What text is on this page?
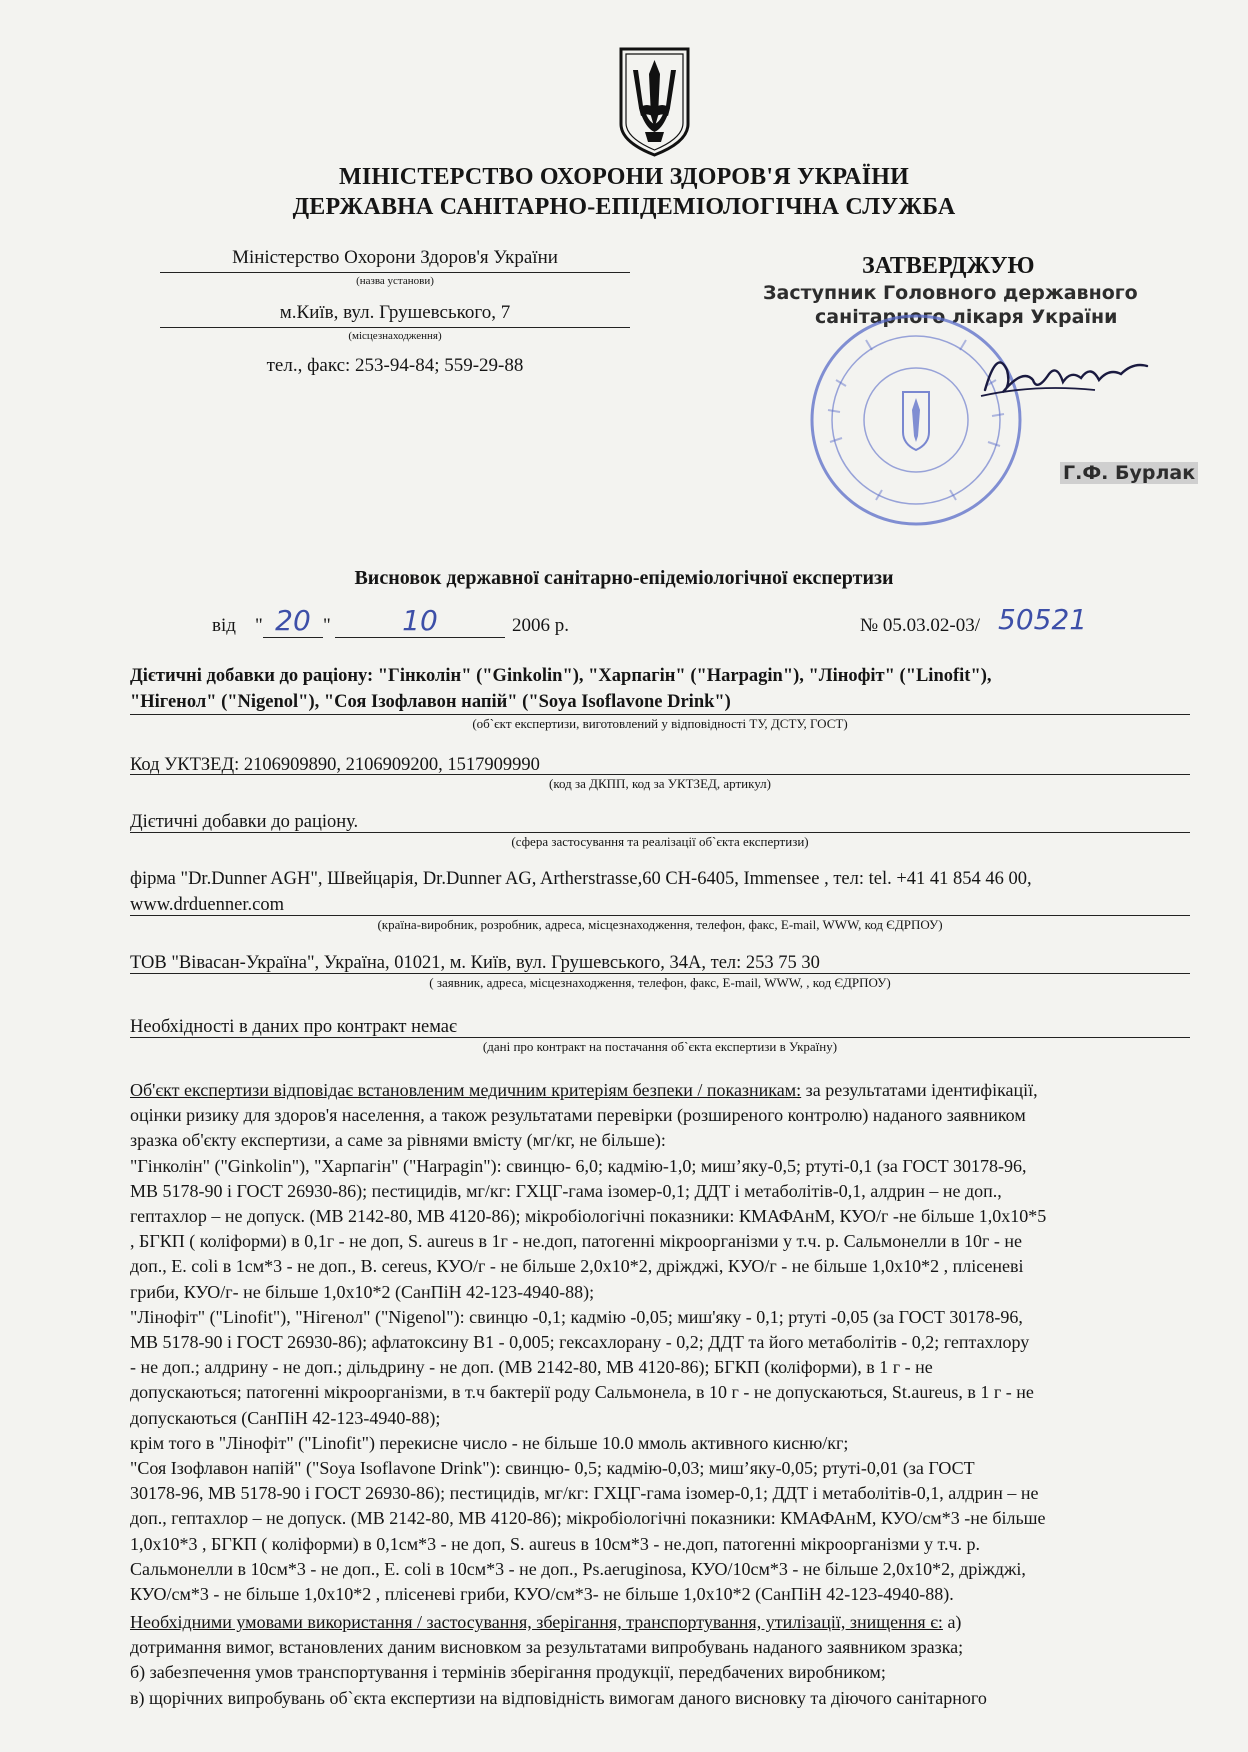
МІНІСТЕРСТВО ОХОРОНИ ЗДОРОВ'Я УКРАЇНИ
ДЕРЖАВНА САНІТАРНО-ЕПІДЕМІОЛОГІЧНА СЛУЖБА
Міністерство Охорони Здоров'я України
(назва установи)
м.Київ, вул. Грушевського, 7
(місцезнаходження)
тел., факс: 253-94-84; 559-29-88
ЗАТВЕРДЖУЮ
Заступник Головного державного
санітарного лікаря України
Г.Ф. Бурлак
Висновок державної санітарно-епідеміологічної експертизи
від " 20 "	10	2006 р.	№ 05.03.02-03/ 50521
Дієтичні добавки до раціону: "Гінколін" ("Ginkolin"), "Харпагін" ("Harpagin"), "Лінофіт" ("Linofit"),
"Нігенол" ("Nigenol"), "Соя Ізофлавон напій" ("Soya Isoflavone Drink")
(об`єкт експертизи, виготовлений у відповідності ТУ, ДСТУ, ГОСТ)
Код УКТЗЕД: 2106909890, 2106909200, 1517909990
(код за ДКПП, код за УКТЗЕД, артикул)
Дієтичні добавки до раціону.
(сфера застосування та реалізації об`єкта експертизи)
фірма "Dr.Dunner AGH", Швейцарія, Dr.Dunner AG, Artherstrasse,60 CH-6405, Immensee , тел: tel. +41 41 854 46 00,
www.drduenner.com
(країна-виробник, розробник, адреса, місцезнаходження, телефон, факс, E-mail, WWW, код ЄДРПОУ)
ТОВ "Вівасан-Україна", Україна, 01021, м. Київ, вул. Грушевського, 34А, тел: 253 75 30
( заявник, адреса, місцезнаходження, телефон, факс, E-mail, WWW, , код ЄДРПОУ)
Необхідності в даних про контракт немає
(дані про контракт на постачання об`єкта експертизи в Україну)

Об'єкт експертизи відповідає встановленим медичним критеріям безпеки / показникам: за результатами ідентифікації,

оцінки ризику для здоров'я населення, а також результатами перевірки (розширеного контролю) наданого заявником

зразка об'єкту експертизи, а саме за рівнями вмісту (мг/кг, не більше):

"Гінколін" ("Ginkolin"), "Харпагін" ("Harpagin"): свинцю- 6,0; кадмію-1,0; миш’яку-0,5; ртуті-0,1 (за ГОСТ 30178-96,

МВ 5178-90 і ГОСТ 26930-86); пестицидів, мг/кг: ГХЦГ-гама ізомер-0,1; ДДТ і метаболітів-0,1, алдрин – не доп.,

гептахлор – не допуск. (МВ 2142-80, МВ 4120-86); мікробіологічні показники: КМАФАнМ, КУО/г -не більше 1,0х10*5

, БГКП ( коліформи) в 0,1г - не доп, S. aureus в 1г - не.доп, патогенні мікроорганізми у т.ч. р. Сальмонелли в 10г - не

доп., E. coli в 1см*3 - не доп., B. cereus, КУО/г - не більше 2,0х10*2, дріжджі, КУО/г - не більше 1,0х10*2 , плісеневі

гриби, КУО/г- не більше 1,0х10*2 (СанПіН 42-123-4940-88);

"Лінофіт" ("Linofit"), "Нігенол" ("Nigenol"): свинцю -0,1; кадмію -0,05; миш'яку - 0,1; ртуті -0,05 (за ГОСТ 30178-96,

МВ 5178-90 і ГОСТ 26930-86); афлатоксину В1 - 0,005; гексахлорану - 0,2; ДДТ та його метаболітів - 0,2; гептахлору

- не доп.; алдрину - не доп.; дільдрину - не доп. (МВ 2142-80, МВ 4120-86); БГКП (коліформи), в 1 г - не

допускаються; патогенні мікроорганізми, в т.ч бактерії роду Сальмонела, в 10 г - не допускаються, St.aureus, в 1 г - не

допускаються (СанПіН 42-123-4940-88);

крім того в "Лінофіт" ("Linofit") перекисне число - не більше 10.0 ммоль активного кисню/кг;

"Соя Ізофлавон напій" ("Soya Isoflavone Drink"): свинцю- 0,5; кадмію-0,03; миш’яку-0,05; ртуті-0,01 (за ГОСТ

30178-96, МВ 5178-90 і ГОСТ 26930-86); пестицидів, мг/кг: ГХЦГ-гама ізомер-0,1; ДДТ і метаболітів-0,1, алдрин – не

доп., гептахлор – не допуск. (МВ 2142-80, МВ 4120-86); мікробіологічні показники: КМАФАнМ, КУО/см*3 -не більше

1,0х10*3 , БГКП ( коліформи) в 0,1см*3 - не доп, S. aureus в 10см*3 - не.доп, патогенні мікроорганізми у т.ч. р.

Сальмонелли в 10см*3 - не доп., E. coli в 10см*3 - не доп., Ps.aeruginosa, КУО/10см*3 - не більше 2,0х10*2, дріжджі,

КУО/см*3 - не більше 1,0х10*2 , плісеневі гриби, КУО/см*3- не більше 1,0х10*2 (СанПіН 42-123-4940-88).

Необхідними умовами використання / застосування, зберігання, транспортування, утилізації, знищення є: а)

дотримання вимог, встановлених даним висновком за результатами випробувань наданого заявником зразка;

б) забезпечення умов транспортування і термінів зберігання продукції, передбачених виробником;

в) щорічних випробувань об`єкта експертизи на відповідність вимогам даного висновку та діючого санітарного
